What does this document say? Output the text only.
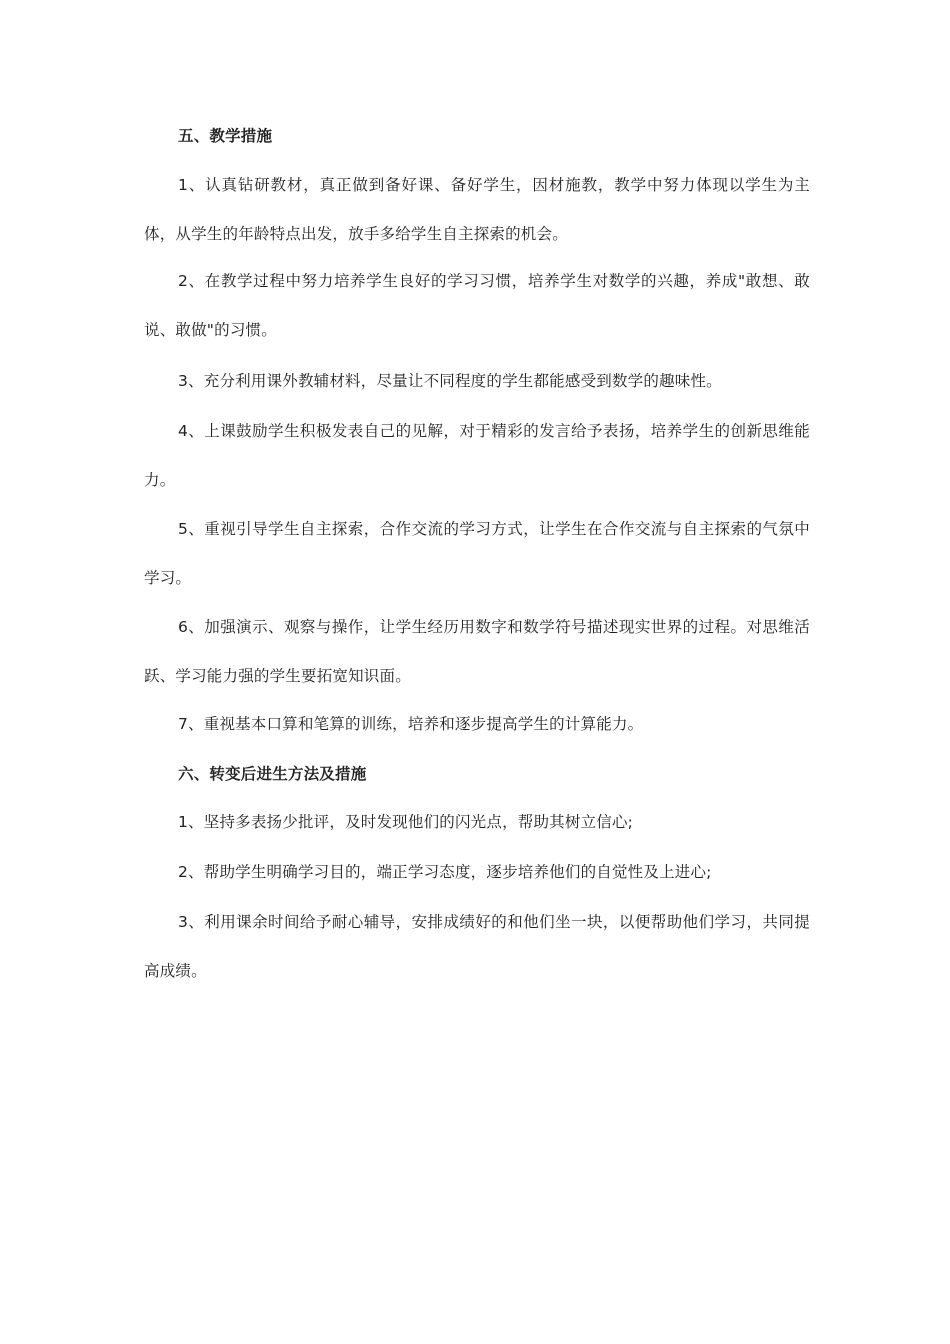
五、教学措施

1、认真钻研教材，真正做到备好课、备好学生，因材施教，教学中努力体现以学生为主体，从学生的年龄特点出发，放手多给学生自主探索的机会。

2、在教学过程中努力培养学生良好的学习习惯，培养学生对数学的兴趣，养成"敢想、敢说、敢做"的习惯。

3、充分利用课外教辅材料，尽量让不同程度的学生都能感受到数学的趣味性。

4、上课鼓励学生积极发表自己的见解，对于精彩的发言给予表扬，培养学生的创新思维能力。

5、重视引导学生自主探索，合作交流的学习方式，让学生在合作交流与自主探索的气氛中学习。

6、加强演示、观察与操作，让学生经历用数字和数学符号描述现实世界的过程。对思维活跃、学习能力强的学生要拓宽知识面。

7、重视基本口算和笔算的训练，培养和逐步提高学生的计算能力。

六、转变后进生方法及措施

1、坚持多表扬少批评，及时发现他们的闪光点，帮助其树立信心;

2、帮助学生明确学习目的，端正学习态度，逐步培养他们的自觉性及上进心;

3、利用课余时间给予耐心辅导，安排成绩好的和他们坐一块，以便帮助他们学习，共同提高成绩。
